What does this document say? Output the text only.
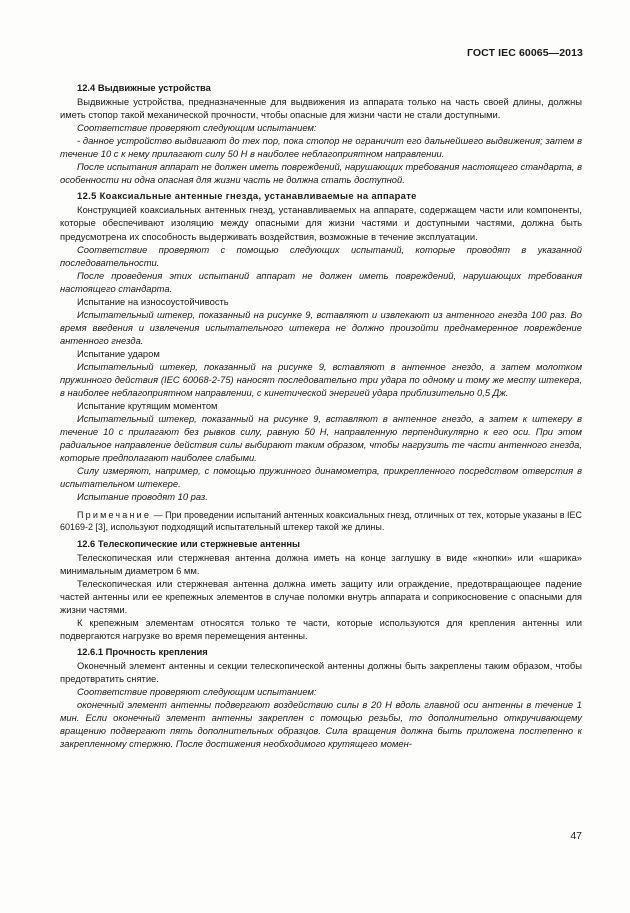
ГОСТ IEC 60065—2013

12.4 Выдвижные устройства

Выдвижные устройства, предназначенные для выдвижения из аппарата только на часть своей длины, должны иметь стопор такой механической прочности, чтобы опасные для жизни части не стали доступными.

Соответствие проверяют следующим испытанием:

- данное устройство выдвигают до тех пор, пока стопор не ограничит его дальнейшего выдвижения; затем в течение 10 с к нему прилагают силу 50 Н в наиболее неблагоприятном направлении.

После испытания аппарат не должен иметь повреждений, нарушающих требования настоящего стандарта, в особенности ни одна опасная для жизни часть не должна стать доступной.

12.5 Коаксиальные антенные гнезда, устанавливаемые на аппарате

Конструкцией коаксиальных антенных гнезд, устанавливаемых на аппарате, содержащем части или компоненты, которые обеспечивают изоляцию между опасными для жизни частями и доступными частями, должна быть предусмотрена их способность выдерживать воздействия, возможные в течение эксплуатации.

Соответствие проверяют с помощью следующих испытаний, которые проводят в указанной последовательности.

После проведения этих испытаний аппарат не должен иметь повреждений, нарушающих требования настоящего стандарта.

Испытание на износоустойчивость

Испытательный штекер, показанный на рисунке 9, вставляют и извлекают из антенного гнезда 100 раз. Во время введения и извлечения испытательного штекера не должно произойти преднамеренное повреждение антенного гнезда.

Испытание ударом

Испытательный штекер, показанный на рисунке 9, вставляют в антенное гнездо, а затем молотком пружинного действия (IEC 60068-2-75) наносят последовательно три удара по одному и тому же месту штекера, в наиболее неблагоприятном направлении, с кинетической энергией удара приблизительно 0,5 Дж.

Испытание крутящим моментом

Испытательный штекер, показанный на рисунке 9, вставляют в антенное гнездо, а затем к штекеру в течение 10 с прилагают без рывков силу, равную 50 Н, направленную перпендикулярно к его оси. При этом радиальное направление действия силы выбирают таким образом, чтобы нагрузить те части антенного гнезда, которые предполагают наиболее слабыми.

Силу измеряют, например, с помощью пружинного динамометра, прикрепленного посредством отверстия в испытательном штекере.

Испытание проводят 10 раз.

Примечание — При проведении испытаний антенных коаксиальных гнезд, отличных от тех, которые указаны в IEC 60169-2 [3], используют подходящий испытательный штекер такой же длины.

12.6 Телескопические или стержневые антенны

Телескопическая или стержневая антенна должна иметь на конце заглушку в виде «кнопки» или «шарика» минимальным диаметром 6 мм.

Телескопическая или стержневая антенна должна иметь защиту или ограждение, предотвращающее падение частей антенны или ее крепежных элементов в случае поломки внутрь аппарата и соприкосновение с опасными для жизни частями.

К крепежным элементам относятся только те части, которые используются для крепления антенны или подвергаются нагрузке во время перемещения антенны.

12.6.1 Прочность крепления

Оконечный элемент антенны и секции телескопической антенны должны быть закреплены таким образом, чтобы предотвратить снятие.

Соответствие проверяют следующим испытанием:

оконечный элемент антенны подвергают воздействию силы в 20 Н вдоль главной оси антенны в течение 1 мин. Если оконечный элемент антенны закреплен с помощью резьбы, то дополнительно откручивающему вращению подвергают пять дополнительных образцов. Сила вращения должна быть приложена постепенно к закрепленному стержню. После достижения необходимого крутящего момен-

47
